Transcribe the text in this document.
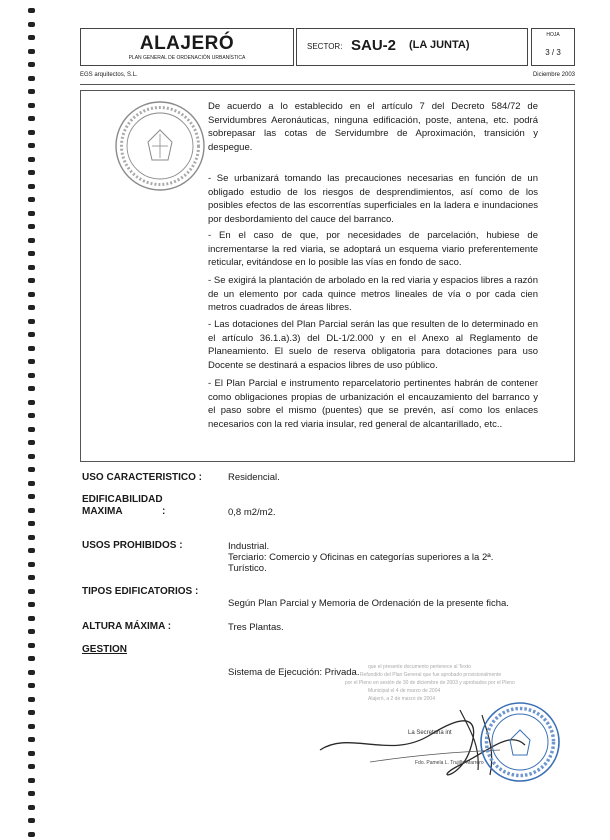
ALAJERÓ
PLAN GENERAL DE ORDENACIÓN URBANÍSTICA
SECTOR: SAU-2 (LA JUNTA)
HOJA
3 / 3
EGS arquitectos, S.L.	Diciembre 2003
De acuerdo a lo establecido en el artículo 7 del Decreto 584/72 de Servidumbres Aeronáuticas, ninguna edificación, poste, antena, etc. podrá sobrepasar las cotas de Servidumbre de Aproximación, transición y despegue.
- Se urbanizará tomando las precauciones necesarias en función de un obligado estudio de los riesgos de desprendimientos, así como de los posibles efectos de las escorrentías superficiales en la ladera e inundaciones por desbordamiento del cauce del barranco.
- En el caso de que, por necesidades de parcelación, hubiese de incrementarse la red viaria, se adoptará un esquema viario preferentemente reticular, evitándose en lo posible las vías en fondo de saco.
- Se exigirá la plantación de arbolado en la red viaria y espacios libres a razón de un elemento por cada quince metros lineales de vía o por cada cien metros cuadrados de áreas libres.
- Las dotaciones del Plan Parcial serán las que resulten de lo determinado en el artículo 36.1.a).3) del DL-1/2.000 y en el Anexo al Reglamento de Planeamiento. El suelo de reserva obligatoria para dotaciones para uso Docente se destinará a espacios libres de uso público.
- El Plan Parcial e instrumento reparcelatorio pertinentes habrán de contener como obligaciones propias de urbanización el encauzamiento del barranco y el paso sobre el mismo (puentes) que se prevén, así como los enlaces necesarios con la red viaria insular, red general de alcantarillado, etc..
USO CARACTERISTICO :	Residencial.
EDIFICABILIDAD
MAXIMA	:	0,8 m2/m2.
USOS PROHIBIDOS :	Industrial.
Terciario: Comercio y Oficinas en categorías superiores a la 2ª.
Turístico.
TIPOS EDIFICATORIOS :
Según Plan Parcial y Memoria de Ordenación de la presente ficha.
ALTURA MÁXIMA :	Tres Plantas.
GESTION
Sistema de Ejecución: Privada. que el presente documento pertenece al Texto
Refundido del Plan General que fue aprobado provisionalmente
por el Pleno en sesión de 30 de diciembre de 2003 y aprobados por el Pleno
Municipal el 4 de marzo de 2004
Alajeró, a 2 de marzo de 2004
La Secretaria int
Fdo. Pamela L. Trujillo Marrero
